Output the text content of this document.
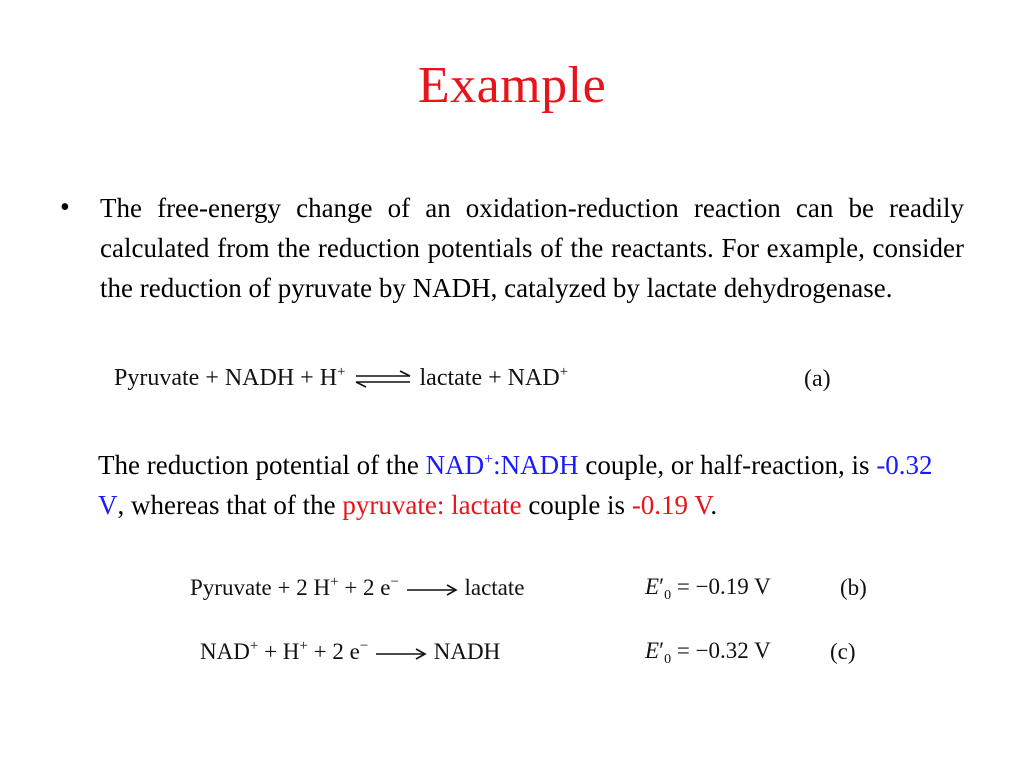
Example
• The free-energy change of an oxidation-reduction reaction can be readily calculated from the reduction potentials of the reactants. For example, consider the reduction of pyruvate by NADH, catalyzed by lactate dehydrogenase.
Pyruvate + NADH + H+ ⇌ lactate + NAD+	(a)
The reduction potential of the NAD+:NADH couple, or half-reaction, is -0.32 V, whereas that of the pyruvate: lactate couple is -0.19 V.
Pyruvate + 2 H+ + 2 e−	lactate	$E'_0 = -0.19$ V	(b)
NAD+ + H+ + 2 e−	NADH	$E'_0 = -0.32$ V	(c)
